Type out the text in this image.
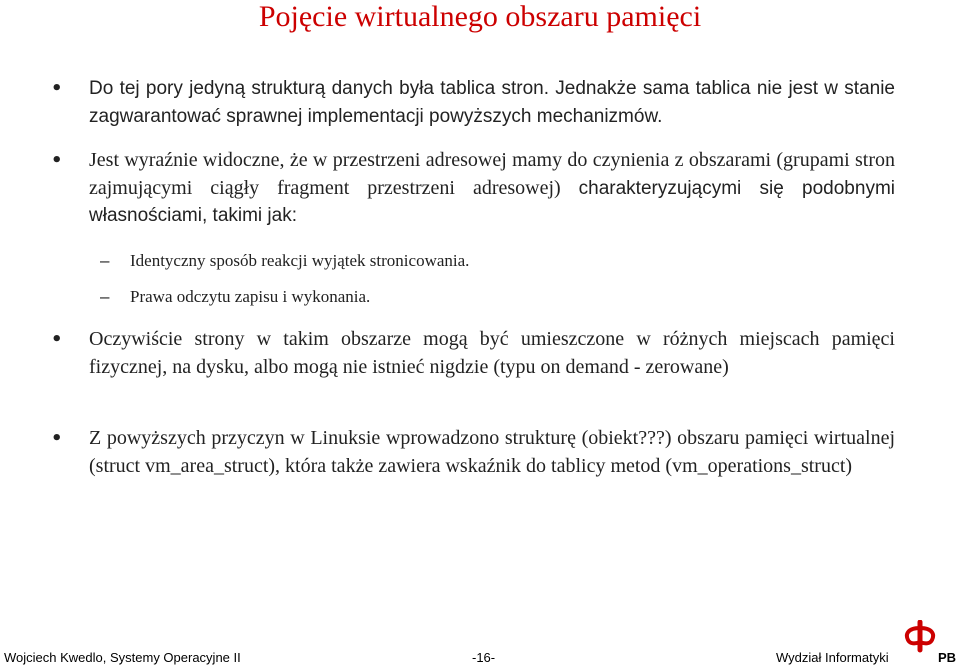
Pojęcie wirtualnego obszaru pamięci
• Do tej pory jedyną strukturą danych była tablica stron. Jednakże sama tablica nie jest w stanie zagwarantować sprawnej implementacji powyższych mechanizmów.
• Jest wyraźnie widoczne, że w przestrzeni adresowej mamy do czynienia z obszarami (grupami stron zajmującymi ciągły fragment przestrzeni adresowej) charakteryzującymi się podobnymi własnościami, takimi jak:
– Identyczny sposób reakcji wyjątek stronicowania.
– Prawa odczytu zapisu i wykonania.
• Oczywiście strony w takim obszarze mogą być umieszczone w różnych miejscach pamięci fizycznej, na dysku, albo mogą nie istnieć nigdzie (typu on demand - zerowane)
• Z powyższych przyczyn w Linuksie wprowadzono strukturę (obiekt???) obszaru pamięci wirtualnej (struct vm_area_struct), która także zawiera wskaźnik do tablicy metod (vm_operations_struct)
Wojciech Kwedlo, Systemy Operacyjne II	-16-	Wydział Informatyki	PB
